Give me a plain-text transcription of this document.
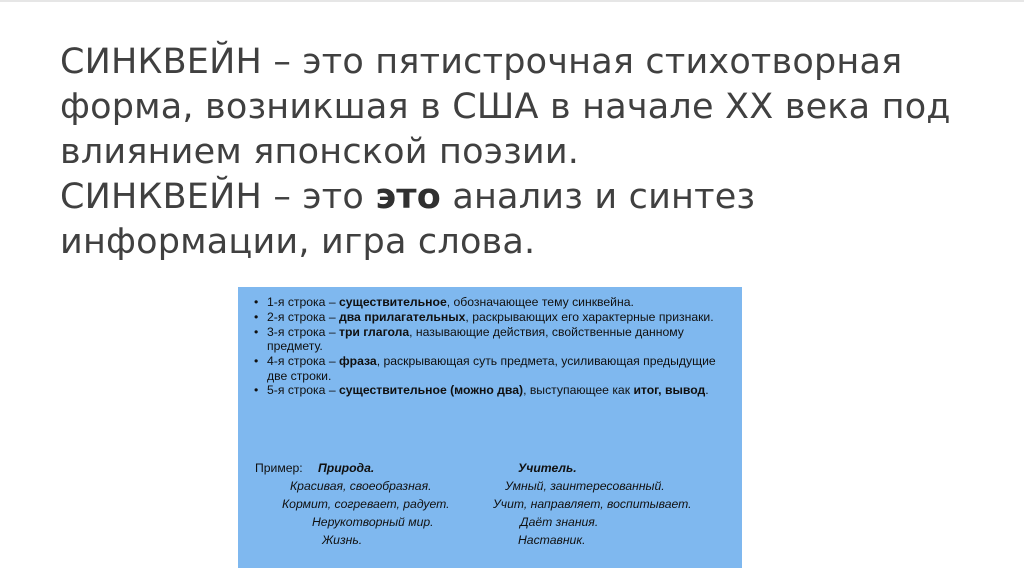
СИНКВЕЙН – это пятистрочная стихотворная
форма, возникшая в США в начале XX века под
влиянием японской поэзии.
СИНКВЕЙН – это это анализ и синтез
информации, игра слова.
• 1-я строка – существительное, обозначающее тему синквейна.
• 2-я строка – два прилагательных, раскрывающих его характерные признаки.
• 3-я строка – три глагола, называющие действия, свойственные данному предмету.
• 4-я строка – фраза, раскрывающая суть предмета, усиливающая предыдущие две строки.
• 5-я строка – существительное (можно два), выступающее как итог, вывод.
Пример: Природа.	Учитель.
Красивая, своеобразная.
Кормит, согревает, радует.
Нерукотворный мир.
Жизнь.
Умный, заинтересованный.
Учит, направляет, воспитывает.
Даёт знания.
Наставник.
